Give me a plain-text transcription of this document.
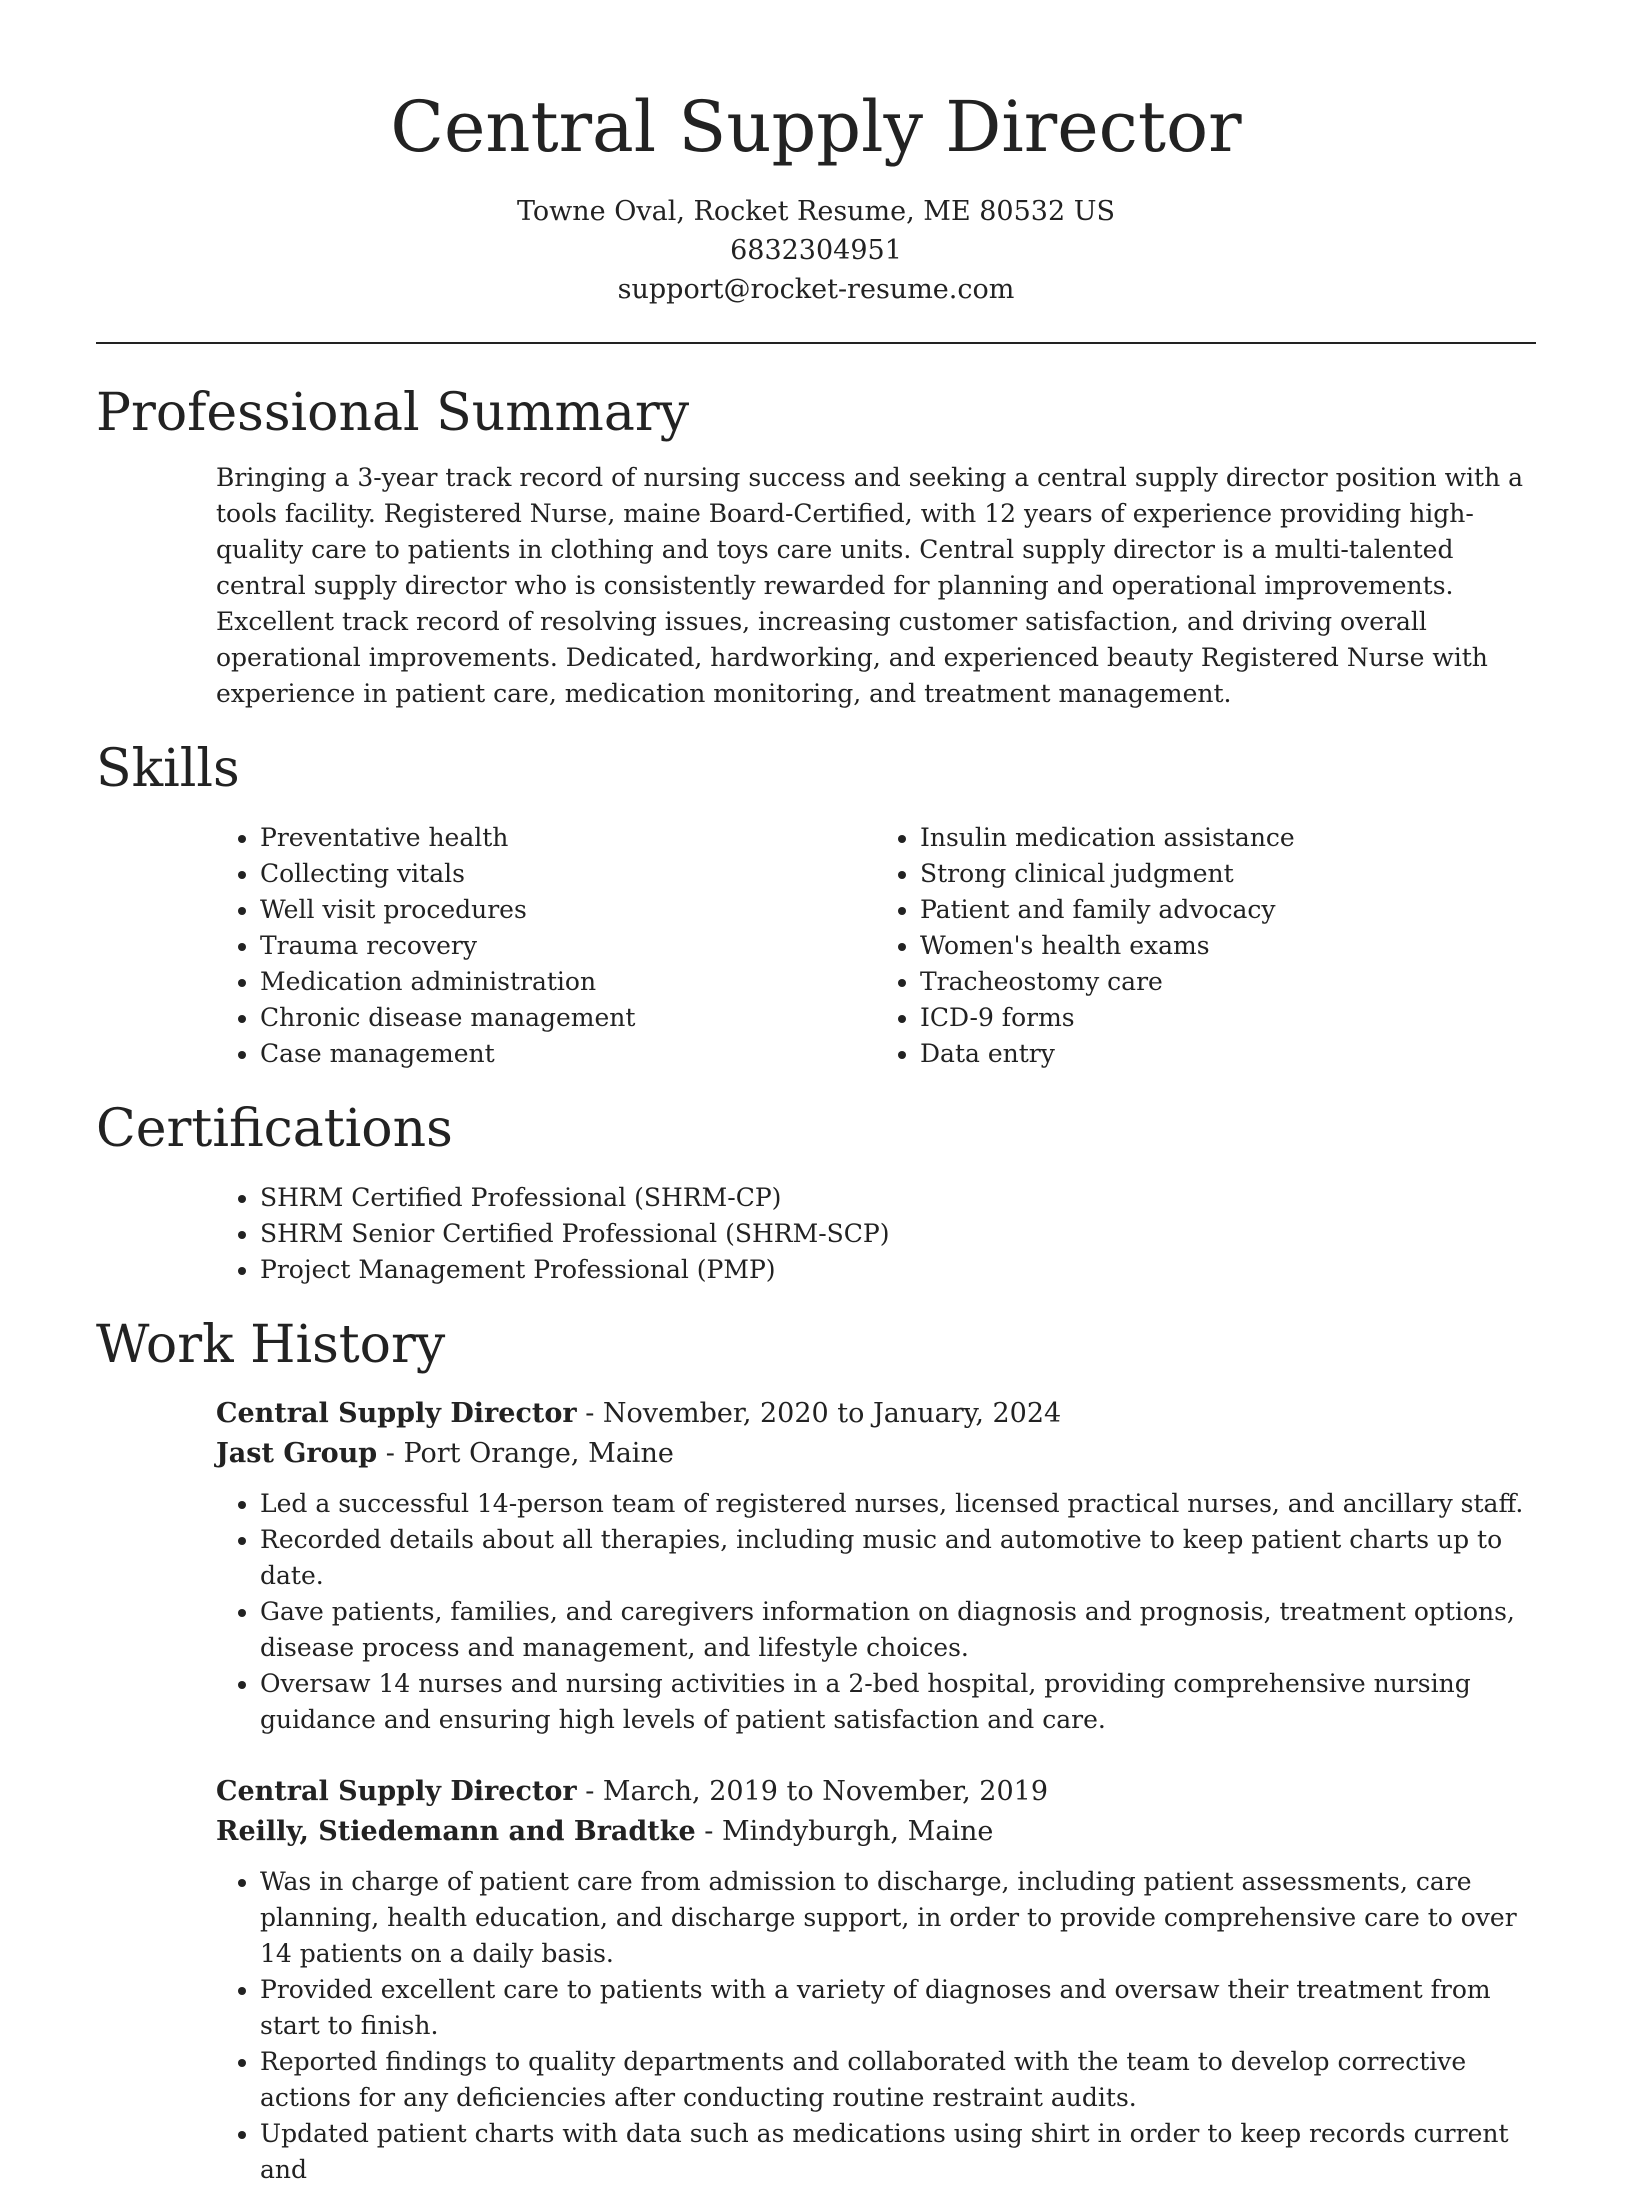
Central Supply Director
Towne Oval, Rocket Resume, ME 80532 US
6832304951
support@rocket-resume.com
Professional Summary

Bringing a 3-year track record of nursing success and seeking a central supply director position with a tools facility. Registered Nurse, maine Board-Certified, with 12 years of experience providing high-quality care to patients in clothing and toys care units. Central supply director is a multi-talented central supply director who is consistently rewarded for planning and operational improvements. Excellent track record of resolving issues, increasing customer satisfaction, and driving overall operational improvements. Dedicated, hardworking, and experienced beauty Registered Nurse with experience in patient care, medication monitoring, and treatment management.

Skills
• Preventative health
• Collecting vitals
• Well visit procedures
• Trauma recovery
• Medication administration
• Chronic disease management
• Case management
• Insulin medication assistance
• Strong clinical judgment
• Patient and family advocacy
• Women's health exams
• Tracheostomy care
• ICD-9 forms
• Data entry
Certifications
• SHRM Certified Professional (SHRM-CP)
• SHRM Senior Certified Professional (SHRM-SCP)
• Project Management Professional (PMP)
Work History
Central Supply Director - November, 2020 to January, 2024
Jast Group - Port Orange, Maine
• Led a successful 14-person team of registered nurses, licensed practical nurses, and ancillary staff.
• Recorded details about all therapies, including music and automotive to keep patient charts up to date.
• Gave patients, families, and caregivers information on diagnosis and prognosis, treatment options, disease process and management, and lifestyle choices.
• Oversaw 14 nurses and nursing activities in a 2-bed hospital, providing comprehensive nursing guidance and ensuring high levels of patient satisfaction and care.
Central Supply Director - March, 2019 to November, 2019
Reilly, Stiedemann and Bradtke - Mindyburgh, Maine
• Was in charge of patient care from admission to discharge, including patient assessments, care planning, health education, and discharge support, in order to provide comprehensive care to over 14 patients on a daily basis.
• Provided excellent care to patients with a variety of diagnoses and oversaw their treatment from start to finish.
• Reported findings to quality departments and collaborated with the team to develop corrective actions for any deficiencies after conducting routine restraint audits.
• Updated patient charts with data such as medications using shirt in order to keep records current and
